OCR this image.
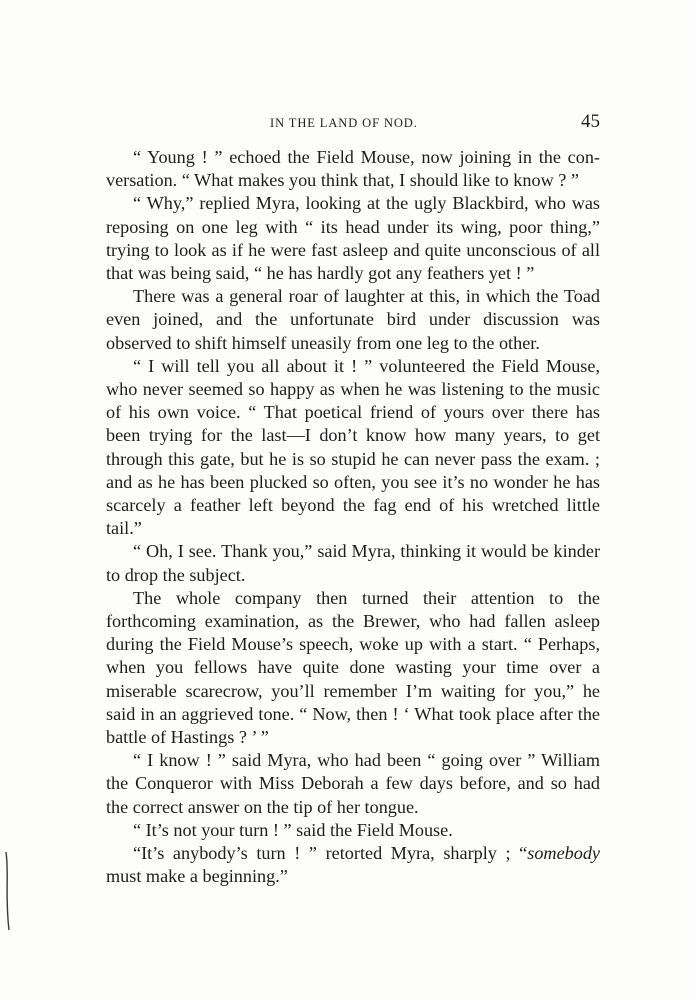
IN THE LAND OF NOD.	45

“ Young ! ” echoed the Field Mouse, now joining in the con- versation. “ What makes you think that, I should like to know ? ”

“ Why,” replied Myra, looking at the ugly Blackbird, who was reposing on one leg with “ its head under its wing, poor thing,” trying to look as if he were fast asleep and quite unconscious of all that was being said, “ he has hardly got any feathers yet ! ”

There was a general roar of laughter at this, in which the Toad even joined, and the unfortunate bird under discussion was observed to shift himself uneasily from one leg to the other.

“ I will tell you all about it ! ” volunteered the Field Mouse, who never seemed so happy as when he was listening to the music of his own voice. “ That poetical friend of yours over there has been trying for the last—I don’t know how many years, to get through this gate, but he is so stupid he can never pass the exam. ; and as he has been plucked so often, you see it’s no wonder he has scarcely a feather left beyond the fag end of his wretched little tail.”

“ Oh, I see. Thank you,” said Myra, thinking it would be kinder to drop the subject.

The whole company then turned their attention to the forthcoming examination, as the Brewer, who had fallen asleep during the Field Mouse’s speech, woke up with a start. “ Perhaps, when you fellows have quite done wasting your time over a miserable scarecrow, you’ll remember I’m waiting for you,” he said in an aggrieved tone. “ Now, then ! ‘ What took place after the battle of Hastings ? ’ ”

“ I know ! ” said Myra, who had been “ going over ” William the Conqueror with Miss Deborah a few days before, and so had the correct answer on the tip of her tongue.

“ It’s not your turn ! ” said the Field Mouse.

“It’s anybody’s turn ! ” retorted Myra, sharply ; “somebody must make a beginning.”
